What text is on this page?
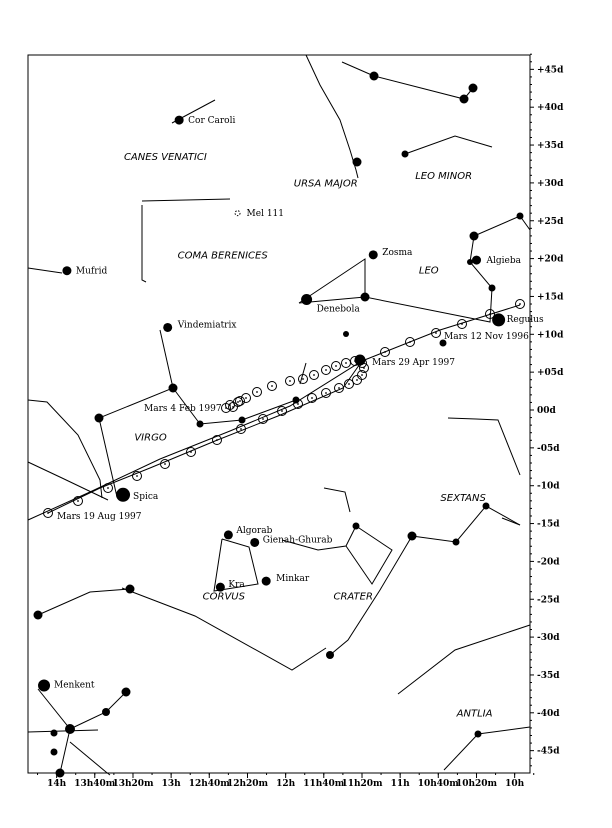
Cor Caroli
Mel 111
Mufrid
Zosma
Algieba
Denebola
Regulus
Vindemiatrix
Spica
Algorab
Gienah-Ghurab
Kra
Minkar
Menkent
CANES VENATICI
URSA MAJOR
LEO MINOR
COMA BERENICES
LEO
VIRGO
SEXTANS
CORVUS	CRATER
ANTLIA
Mars 12 Nov 1996
Mars 4 Feb 1997
Mars 29 Apr 1997
Mars 19 Aug 1997
+45d
+40d
+35d
+30d
+25d
+20d
+15d
+10d
+05d
00d
-05d
-10d
-15d
-20d
-25d
-30d
-35d
-40d
-45d
14h 13h40m
13h20m 13h 12h40m
12h20m 12h 11h40m
11h20m 11h 10h40m
10h20m 10h
